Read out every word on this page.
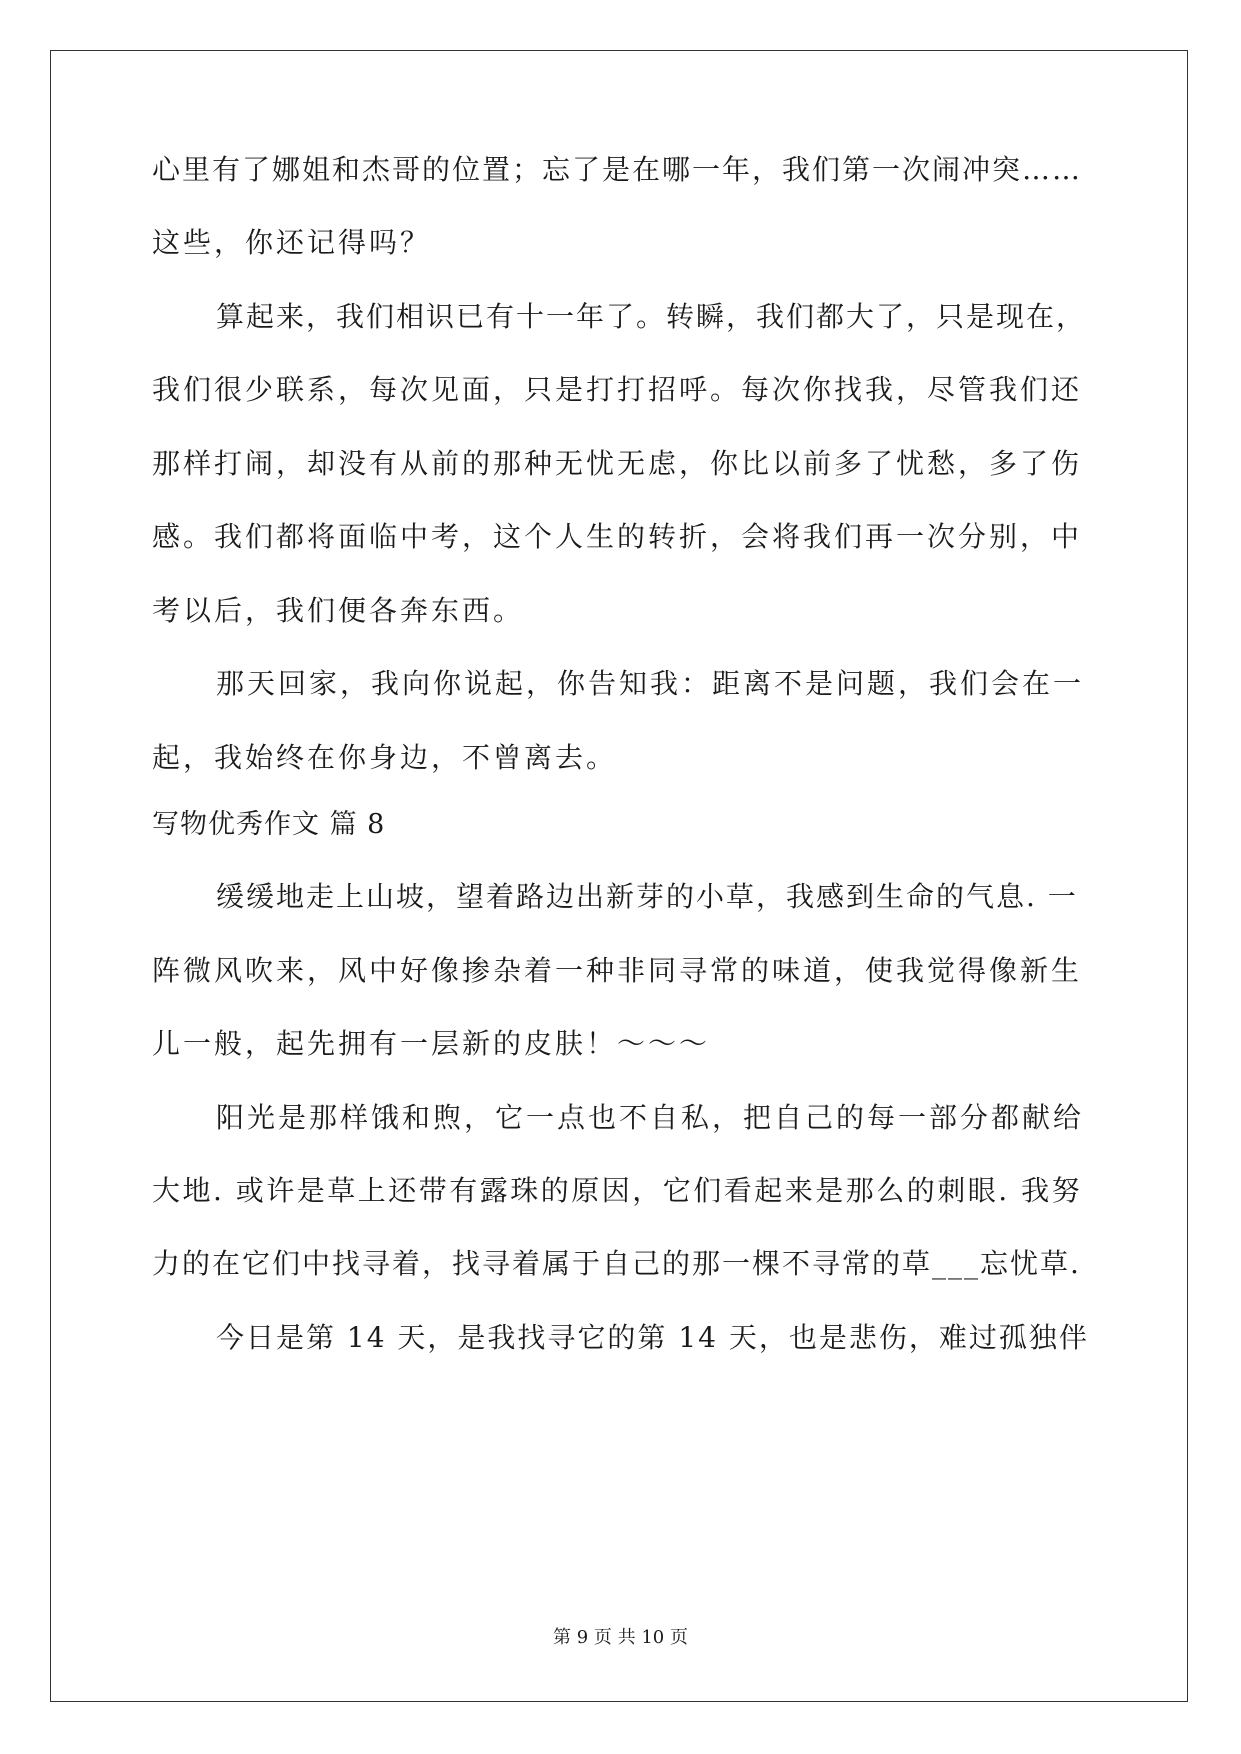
心里有了娜姐和杰哥的位置；忘了是在哪一年，我们第一次闹冲突……
这些，你还记得吗？
算起来，我们相识已有十一年了。转瞬，我们都大了，只是现在，
我们很少联系，每次见面，只是打打招呼。每次你找我，尽管我们还
那样打闹，却没有从前的那种无忧无虑，你比以前多了忧愁，多了伤
感。我们都将面临中考，这个人生的转折，会将我们再一次分别，中
考以后，我们便各奔东西。
那天回家，我向你说起，你告知我：距离不是问题，我们会在一
起，我始终在你身边，不曾离去。
写物优秀作文 篇 8
缓缓地走上山坡，望着路边出新芽的小草，我感到生命的气息. 一
阵微风吹来，风中好像掺杂着一种非同寻常的味道，使我觉得像新生
儿一般，起先拥有一层新的皮肤！～～～
阳光是那样饿和煦，它一点也不自私，把自己的每一部分都献给
大地. 或许是草上还带有露珠的原因，它们看起来是那么的刺眼. 我努
力的在它们中找寻着，找寻着属于自己的那一棵不寻常的草___忘忧草.
今日是第 14 天，是我找寻它的第 14 天，也是悲伤，难过孤独伴
第 9 页 共 10 页
